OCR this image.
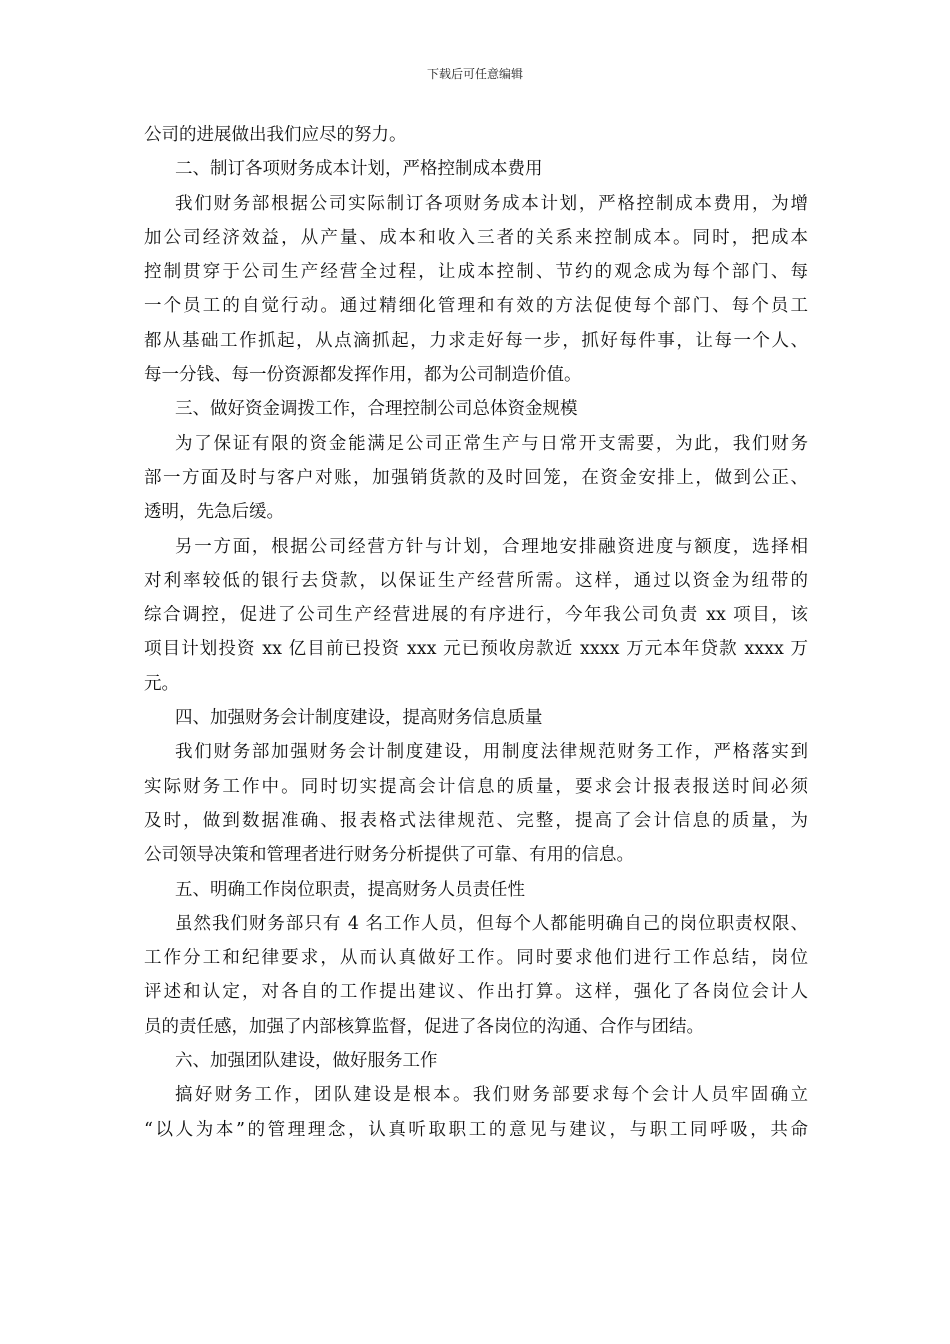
下载后可任意编辑
公司的进展做出我们应尽的努力。
二、制订各项财务成本计划，严格控制成本费用
我们财务部根据公司实际制订各项财务成本计划，严格控制成本费用，为增
加公司经济效益，从产量、成本和收入三者的关系来控制成本。同时，把成本
控制贯穿于公司生产经营全过程，让成本控制、节约的观念成为每个部门、每
一个员工的自觉行动。通过精细化管理和有效的方法促使每个部门、每个员工
都从基础工作抓起，从点滴抓起，力求走好每一步，抓好每件事，让每一个人、
每一分钱、每一份资源都发挥作用，都为公司制造价值。
三、做好资金调拨工作，合理控制公司总体资金规模
为了保证有限的资金能满足公司正常生产与日常开支需要，为此，我们财务
部一方面及时与客户对账，加强销货款的及时回笼，在资金安排上，做到公正、
透明，先急后缓。
另一方面，根据公司经营方针与计划，合理地安排融资进度与额度，选择相
对利率较低的银行去贷款，以保证生产经营所需。这样，通过以资金为纽带的
综合调控，促进了公司生产经营进展的有序进行，今年我公司负责 xx 项目，该
项目计划投资 xx 亿目前已投资 xxx 元已预收房款近 xxxx 万元本年贷款 xxxx 万
元。
四、加强财务会计制度建设，提高财务信息质量
我们财务部加强财务会计制度建设，用制度法律规范财务工作，严格落实到
实际财务工作中。同时切实提高会计信息的质量，要求会计报表报送时间必须
及时，做到数据准确、报表格式法律规范、完整，提高了会计信息的质量，为
公司领导决策和管理者进行财务分析提供了可靠、有用的信息。
五、明确工作岗位职责，提高财务人员责任性
虽然我们财务部只有 4 名工作人员，但每个人都能明确自己的岗位职责权限、
工作分工和纪律要求，从而认真做好工作。同时要求他们进行工作总结，岗位
评述和认定，对各自的工作提出建议、作出打算。这样，强化了各岗位会计人
员的责任感，加强了内部核算监督，促进了各岗位的沟通、合作与团结。
六、加强团队建设，做好服务工作
搞好财务工作，团队建设是根本。我们财务部要求每个会计人员牢固确立
“以人为本”的管理理念，认真听取职工的意见与建议，与职工同呼吸，共命
